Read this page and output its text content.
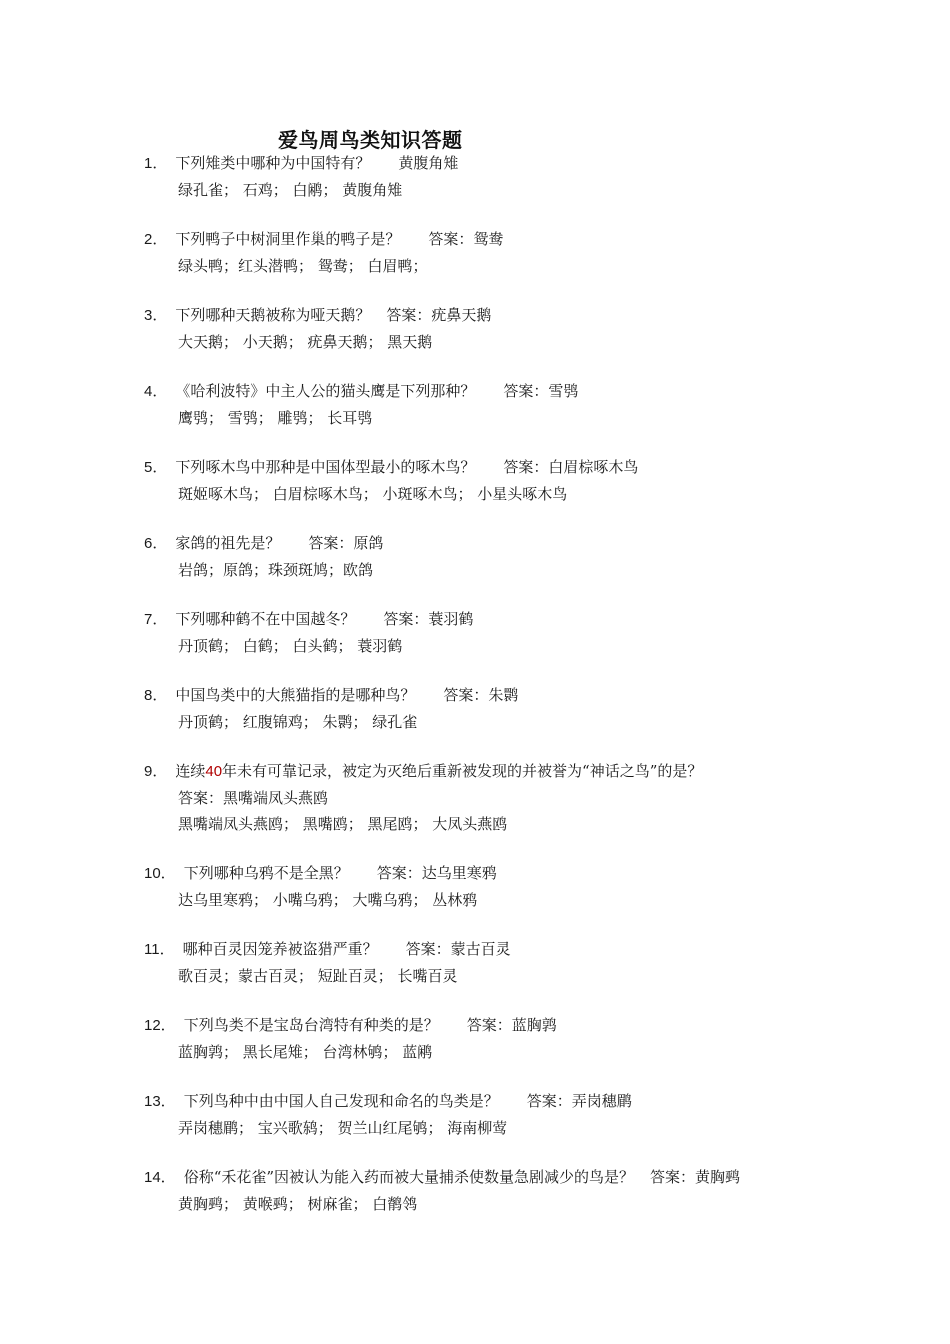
爱鸟周鸟类知识答题
1． 下列雉类中哪种为中国特有？ 黄腹角雉
绿孔雀； 石鸡； 白鹇； 黄腹角雉
2． 下列鸭子中树洞里作巢的鸭子是？ 答案：鸳鸯
绿头鸭；红头潜鸭； 鸳鸯； 白眉鸭；
3． 下列哪种天鹅被称为哑天鹅？ 答案：疣鼻天鹅
大天鹅； 小天鹅； 疣鼻天鹅； 黑天鹅
4． 《哈利波特》中主人公的猫头鹰是下列那种？ 答案：雪鸮
鹰鸮； 雪鸮； 雕鸮； 长耳鸮
5． 下列啄木鸟中那种是中国体型最小的啄木鸟？ 答案：白眉棕啄木鸟
斑姬啄木鸟； 白眉棕啄木鸟； 小斑啄木鸟； 小星头啄木鸟
6． 家鸽的祖先是？ 答案：原鸽
岩鸽；原鸽；珠颈斑鸠；欧鸽
7． 下列哪种鹤不在中国越冬？ 答案：蓑羽鹤
丹顶鹤； 白鹤； 白头鹤； 蓑羽鹤
8． 中国鸟类中的大熊猫指的是哪种鸟？ 答案：朱鹮
丹顶鹤； 红腹锦鸡； 朱鹮； 绿孔雀
9． 连续40年未有可靠记录，被定为灭绝后重新被发现的并被誉为“神话之鸟”的是？
答案：黑嘴端凤头燕鸥
黑嘴端凤头燕鸥； 黑嘴鸥； 黑尾鸥； 大凤头燕鸥
10． 下列哪种乌鸦不是全黑？ 答案：达乌里寒鸦
达乌里寒鸦； 小嘴乌鸦； 大嘴乌鸦； 丛林鸦
11． 哪种百灵因笼养被盗猎严重？ 答案：蒙古百灵
歌百灵；蒙古百灵； 短趾百灵； 长嘴百灵
12． 下列鸟类不是宝岛台湾特有种类的是？ 答案：蓝胸鹑
蓝胸鹑； 黑长尾雉； 台湾林鸲； 蓝鹇
13． 下列鸟种中由中国人自己发现和命名的鸟类是？ 答案：弄岗穗鹛
弄岗穗鹛； 宝兴歌鸫； 贺兰山红尾鸲； 海南柳莺
14． 俗称“禾花雀”因被认为能入药而被大量捕杀使数量急剧减少的鸟是？ 答案：黄胸鹀
黄胸鹀； 黄喉鹀； 树麻雀； 白鹡鸰
